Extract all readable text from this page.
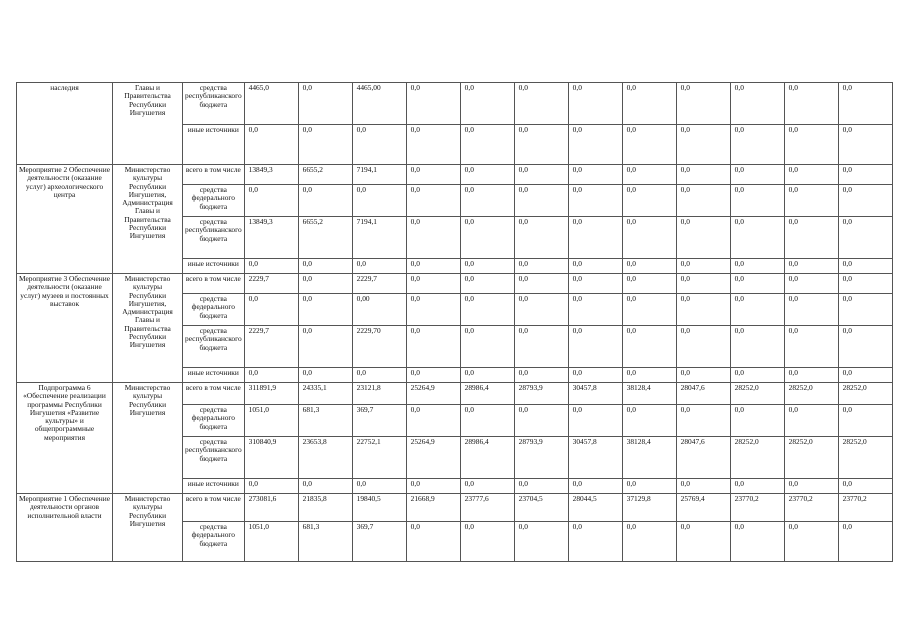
наследия	Главы и Правительства Республики Ингушетия	средства республиканского бюджета	4465,0	0,0	4465,00	0,0	0,0	0,0	0,0	0,0	0,0	0,0	0,0	0,0
		иные источники	0,0	0,0	0,0	0,0	0,0	0,0	0,0	0,0	0,0	0,0	0,0	0,0
Мероприятие 2 Обеспечение деятельности (оказание услуг) археологического центра	Министерство культуры Республики Ингушетия, Администрация Главы и Правительства Республики Ингушетия	всего в том числе	13849,3	6655,2	7194,1	0,0	0,0	0,0	0,0	0,0	0,0	0,0	0,0	0,0
		средства федерального бюджета	0,0	0,0	0,0	0,0	0,0	0,0	0,0	0,0	0,0	0,0	0,0	0,0
		средства республиканского бюджета	13849,3	6655,2	7194,1	0,0	0,0	0,0	0,0	0,0	0,0	0,0	0,0	0,0
		иные источники	0,0	0,0	0,0	0,0	0,0	0,0	0,0	0,0	0,0	0,0	0,0	0,0
Мероприятие 3 Обеспечение деятельности (оказание услуг) музеев и постоянных выставок	Министерство культуры Республики Ингушетия, Администрация Главы и Правительства Республики Ингушетия	всего в том числе	2229,7	0,0	2229,7	0,0	0,0	0,0	0,0	0,0	0,0	0,0	0,0	0,0
		средства федерального бюджета	0,0	0,0	0,00	0,0	0,0	0,0	0,0	0,0	0,0	0,0	0,0	0,0
		средства республиканского бюджета	2229,7	0,0	2229,70	0,0	0,0	0,0	0,0	0,0	0,0	0,0	0,0	0,0
		иные источники	0,0	0,0	0,0	0,0	0,0	0,0	0,0	0,0	0,0	0,0	0,0	0,0
Подпрограмма 6 «Обеспечение реализации программы Республики Ингушетия «Развитие культуры» и общепрограммные мероприятия	Министерство культуры Республики Ингушетия	всего в том числе	311891,9	24335,1	23121,8	25264,9	28986,4	28793,9	30457,8	38128,4	28047,6	28252,0	28252,0	28252,0
		средства федерального бюджета	1051,0	681,3	369,7	0,0	0,0	0,0	0,0	0,0	0,0	0,0	0,0	0,0
		средства республиканского бюджета	310840,9	23653,8	22752,1	25264,9	28986,4	28793,9	30457,8	38128,4	28047,6	28252,0	28252,0	28252,0
		иные источники	0,0	0,0	0,0	0,0	0,0	0,0	0,0	0,0	0,0	0,0	0,0	0,0
Мероприятие 1 Обеспечение деятельности органов исполнительной власти	Министерство культуры Республики Ингушетия	всего в том числе	273081,6	21835,8	19840,5	21668,9	23777,6	23704,5	28044,5	37129,8	25769,4	23770,2	23770,2	23770,2
		средства федерального бюджета	1051,0	681,3	369,7	0,0	0,0	0,0	0,0	0,0	0,0	0,0	0,0	0,0
